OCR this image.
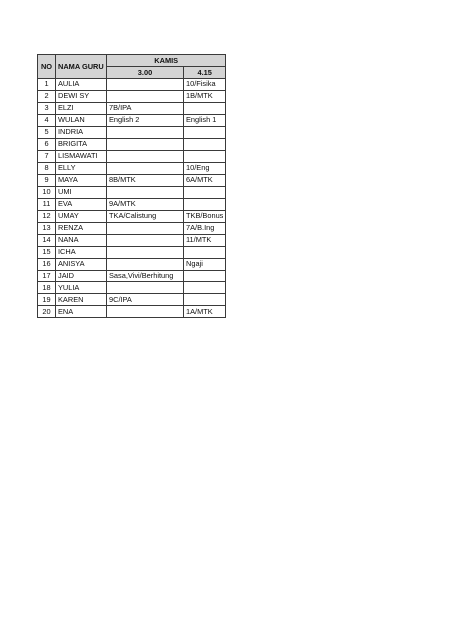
NO	NAMA GURU	KAMIS	
		3.00	4.15
1	AULIA		10/Fisika
2	DEWI SY		1B/MTK
3	ELZI	7B/IPA	
4	WULAN	English 2	English 1
5	INDRIA		
6	BRIGITA		
7	LISMAWATI		
8	ELLY		10/Eng
9	MAYA	8B/MTK	6A/MTK
10	UMI		
11	EVA	9A/MTK	
12	UMAY	TKA/Calistung	TKB/Bonus
13	RENZA		7A/B.Ing
14	NANA		11/MTK
15	ICHA		
16	ANISYA		Ngaji
17	JAID	Sasa,Vivi/Berhitung	
18	YULIA		
19	KAREN	9C/IPA	
20	ENA		1A/MTK
